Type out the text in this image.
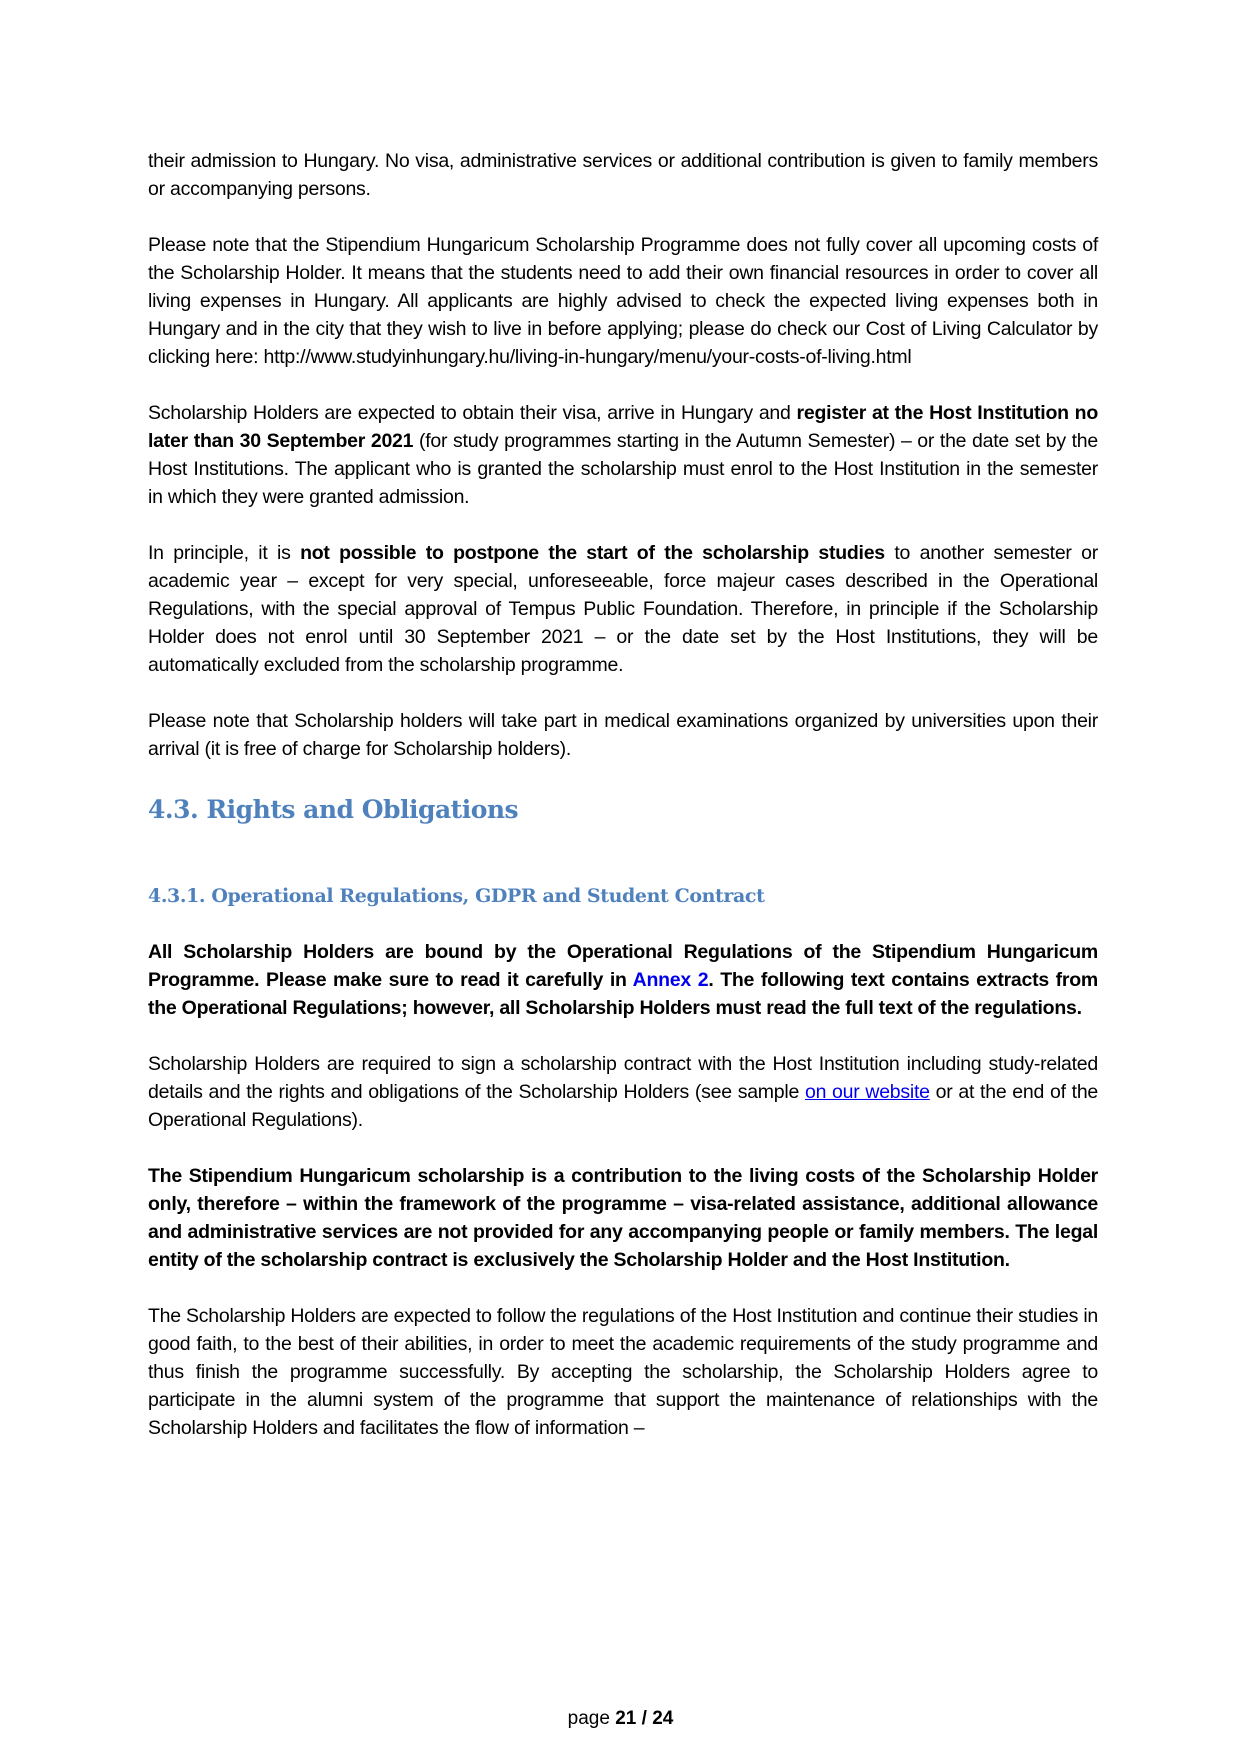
their admission to Hungary. No visa, administrative services or additional contribution is given to family members or accompanying persons.

Please note that the Stipendium Hungaricum Scholarship Programme does not fully cover all upcoming costs of the Scholarship Holder. It means that the students need to add their own financial resources in order to cover all living expenses in Hungary. All applicants are highly advised to check the expected living expenses both in Hungary and in the city that they wish to live in before applying; please do check our Cost of Living Calculator by clicking here: http://www.studyinhungary.hu/living-in-hungary/menu/your-costs-of-living.html

Scholarship Holders are expected to obtain their visa, arrive in Hungary and register at the Host Institution no later than 30 September 2021 (for study programmes starting in the Autumn Semester) – or the date set by the Host Institutions. The applicant who is granted the scholarship must enrol to the Host Institution in the semester in which they were granted admission.

In principle, it is not possible to postpone the start of the scholarship studies to another semester or academic year – except for very special, unforeseeable, force majeur cases described in the Operational Regulations, with the special approval of Tempus Public Foundation. Therefore, in principle if the Scholarship Holder does not enrol until 30 September 2021 – or the date set by the Host Institutions, they will be automatically excluded from the scholarship programme.

Please note that Scholarship holders will take part in medical examinations organized by universities upon their arrival (it is free of charge for Scholarship holders).

4.3. Rights and Obligations
4.3.1. Operational Regulations, GDPR and Student Contract

All Scholarship Holders are bound by the Operational Regulations of the Stipendium Hungaricum Programme. Please make sure to read it carefully in Annex 2. The following text contains extracts from the Operational Regulations; however, all Scholarship Holders must read the full text of the regulations.

Scholarship Holders are required to sign a scholarship contract with the Host Institution including study-related details and the rights and obligations of the Scholarship Holders (see sample on our website or at the end of the Operational Regulations).

The Stipendium Hungaricum scholarship is a contribution to the living costs of the Scholarship Holder only, therefore – within the framework of the programme – visa-related assistance, additional allowance and administrative services are not provided for any accompanying people or family members. The legal entity of the scholarship contract is exclusively the Scholarship Holder and the Host Institution.

The Scholarship Holders are expected to follow the regulations of the Host Institution and continue their studies in good faith, to the best of their abilities, in order to meet the academic requirements of the study programme and thus finish the programme successfully. By accepting the scholarship, the Scholarship Holders agree to participate in the alumni system of the programme that support the maintenance of relationships with the Scholarship Holders and facilitates the flow of information –

page 21 / 24
